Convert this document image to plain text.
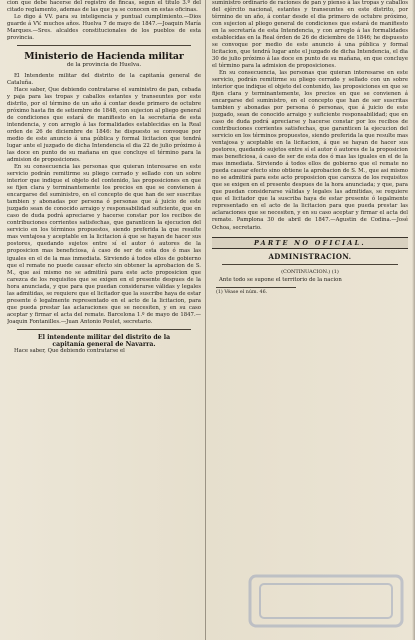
cion que debe hacerse del registro de fincas, segun el titulo 3.º del citado reglamento, ademas de las que ya se conocen en estas oficinas.

Lo digo á VV. para su inteligencia y puntual cumplimiento.—Dios guarde á VV. muchos años. Huelva 7 de mayo de 1847.—Joaquin María Marques.—Sres. alcaldes constitucionales de los pueblos de esta provincia.

Ministerio de Hacienda militar
de la provincia de Huelva.

El Intendente militar del distrito de la capitanía general de Cataluña.

Hace saber, Que debiendo contratarse el suministro de pan, cebada y paja para las tropas y caballos estantes y transeuntes por este distrito, por el término de un año á contar desde primero de octubre próximo hasta fin de setiembre de 1848, con sujecion al pliego general de condiciones que estará de manifiesto en la secretaría de esta intendencia, y con arreglo á las formalidades establecidas en la Real orden de 26 de diciembre de 1846: he dispuesto se convoque por medio de este anuncio á una pública y formal licitacion que tendrá lugar ante el juzgado de dicha Intendencia el dia 22 de julio próximo á las doce en punto de su mañana en que concluye el término para la admision de proposiciones.

En su consecuencia las personas que quieran interesarse en este servicio podrán remitirme su pliego cerrado y sellado con un sobre interior que indique el objeto del contenido, las proposiciones en que se fijen clara y terminantemente los precios en que se convienen á encargarse del suministro, en el concepto de que han de ser suscritas tambien y abonadas por persona ó personas que á juicio de este juzgado sean de conocido arraigo y responsabilidad suficiente, que en caso de duda podrá apreciarse y hacerse constar por los recibos de contribuciones corrientes satisfechas, que garanticen la ejecucion del servicio en los términos propuestos, siendo preferida la que resulte mas ventajosa y aceptable en la licitacion á que se hayan de hacer sus postores, quedando sujetos entre sí el autor ó autores de la proposicion mas beneficiosa, á caso de ser de esta dos ó mas las iguales en el de la mas inmediata. Sirviendo á todos ellos de gobierno que el remate no puede causar efecto sin obtener la aprobacion de S. M., que así mismo no se admitirá para este acto proposicion que carezca de los requisitos que se exigen en el presente despues de la hora anunciada, y que para que puedan considerarse válidas y legales las admitidas, se requiere que el licitador que la suscribe haya de estar presente ó legalmente representado en el acto de la licitacion, para que pueda prestar las aclaraciones que se necesiten, y en su caso aceptar y firmar el acta del remate. Barcelona 1.º de mayo de 1847.—Joaquin Fontanilles.—Juan Antonio Poulet, secretario.

El intendente militar del distrito de la
capitanía general de Navarra.

Hace saber, Que debiendo contratarse el

suministro ordinario de raciones de pan y pienso á las tropas y caballos del ejército nacional, estantes y transeuntes en este distrito, por término de un año, á contar desde el dia primero de octubre próximo, con sujecion al pliego general de condiciones que estará de manifiesto en la secretaría de esta Intendencia, y con arreglo á las formalidades establecidas en la Real órden de 26 de diciembre de 1846; he dispuesto se convoque por medio de este anuncio á una pública y formal licitacion, que tendrá lugar ante el juzgado de dicha Intendencia, el dia 30 de julio próximo á las doce en punto de su mañana, en que concluye el término para la admision de proposiciones.

En su consecuencia, las personas que quieran interesarse en este servicio, podrán remitirme su pliego cerrado y sellado con un sobre interior que indique el objeto del contenido, las proposiciones en que se fijen clara y terminantemente, los precios en que se convienen á encargarse del suministro, en el concepto que han de ser suscritas tambien y abonadas por persona ó personas, que á juicio de este juzgado, sean de conocido arraigo y suficiente responsabilidad; que en caso de duda podrá apreciarse y hacerse constar por los recibos de contribuciones corrientes satisfechas, que garanticen la ejecucion del servicio en los términos propuestos, siendo preferida la que resulte mas ventajosa y aceptable en la licitacion, á que se hayan de hacer sus postores, quedando sujetos entre sí el autor ó autores de la proposicion mas beneficiosa, á caso de ser de esta dos ó mas las iguales en el de la mas inmediata. Sirviendo á todos ellos de gobierno que el remate no pueda causar efecto sino obtiene la aprobacion de S. M., que asi mismo no se admitirá para este acto proposicion que carezca de los requisitos que se exigen en el presente despues de la hora anunciada; y que, para que puedan considerarse válidas y legales las admitidas, se requiere que el licitador que la suscriba haya de estar presente ó legalmente representado en el acto de la licitacion para que pueda prestar las aclaraciones que se necesiten, y en su caso aceptar y firmar el acta del remate. Pamplona 30 de abril de 1847.—Agustin de Codina.—José Ochoa, secretario.

PARTE NO OFICIAL.
ADMINISTRACION.
(CONTINUACION.) (1)

Ante todo se supone el territorio de la nacion

(1) Véase el núm. 46.
